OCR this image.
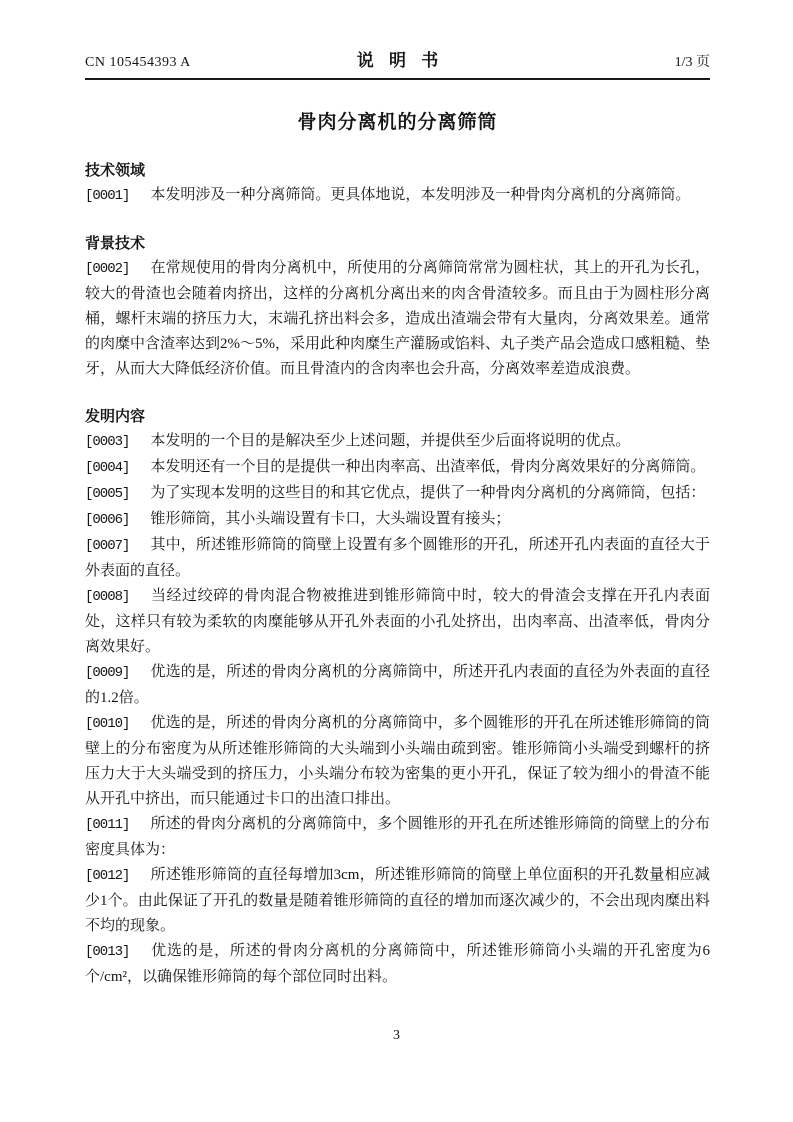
CN 105454393 A	说明书	1/3 页
骨肉分离机的分离筛筒
技术领域

[0001] 本发明涉及一种分离筛筒。更具体地说，本发明涉及一种骨肉分离机的分离筛筒。

背景技术

[0002] 在常规使用的骨肉分离机中，所使用的分离筛筒常常为圆柱状，其上的开孔为长孔，较大的骨渣也会随着肉挤出，这样的分离机分离出来的肉含骨渣较多。而且由于为圆柱形分离桶，螺杆末端的挤压力大，末端孔挤出料会多，造成出渣端会带有大量肉，分离效果差。通常的肉糜中含渣率达到2%～5%，采用此种肉糜生产灌肠或馅料、丸子类产品会造成口感粗糙、垫牙，从而大大降低经济价值。而且骨渣内的含肉率也会升高，分离效率差造成浪费。

发明内容

[0003] 本发明的一个目的是解决至少上述问题，并提供至少后面将说明的优点。

[0004] 本发明还有一个目的是提供一种出肉率高、出渣率低，骨肉分离效果好的分离筛筒。

[0005] 为了实现本发明的这些目的和其它优点，提供了一种骨肉分离机的分离筛筒，包括：

[0006] 锥形筛筒，其小头端设置有卡口，大头端设置有接头；

[0007] 其中，所述锥形筛筒的筒壁上设置有多个圆锥形的开孔，所述开孔内表面的直径大于外表面的直径。

[0008] 当经过绞碎的骨肉混合物被推进到锥形筛筒中时，较大的骨渣会支撑在开孔内表面处，这样只有较为柔软的肉糜能够从开孔外表面的小孔处挤出，出肉率高、出渣率低，骨肉分离效果好。

[0009] 优选的是，所述的骨肉分离机的分离筛筒中，所述开孔内表面的直径为外表面的直径的1.2倍。

[0010] 优选的是，所述的骨肉分离机的分离筛筒中，多个圆锥形的开孔在所述锥形筛筒的筒壁上的分布密度为从所述锥形筛筒的大头端到小头端由疏到密。锥形筛筒小头端受到螺杆的挤压力大于大头端受到的挤压力，小头端分布较为密集的更小开孔，保证了较为细小的骨渣不能从开孔中挤出，而只能通过卡口的出渣口排出。

[0011] 所述的骨肉分离机的分离筛筒中，多个圆锥形的开孔在所述锥形筛筒的筒壁上的分布密度具体为：

[0012] 所述锥形筛筒的直径每增加3cm，所述锥形筛筒的筒壁上单位面积的开孔数量相应减少1个。由此保证了开孔的数量是随着锥形筛筒的直径的增加而逐次减少的，不会出现肉糜出料不均的现象。

[0013] 优选的是，所述的骨肉分离机的分离筛筒中，所述锥形筛筒小头端的开孔密度为6个/cm²，以确保锥形筛筒的每个部位同时出料。

3
